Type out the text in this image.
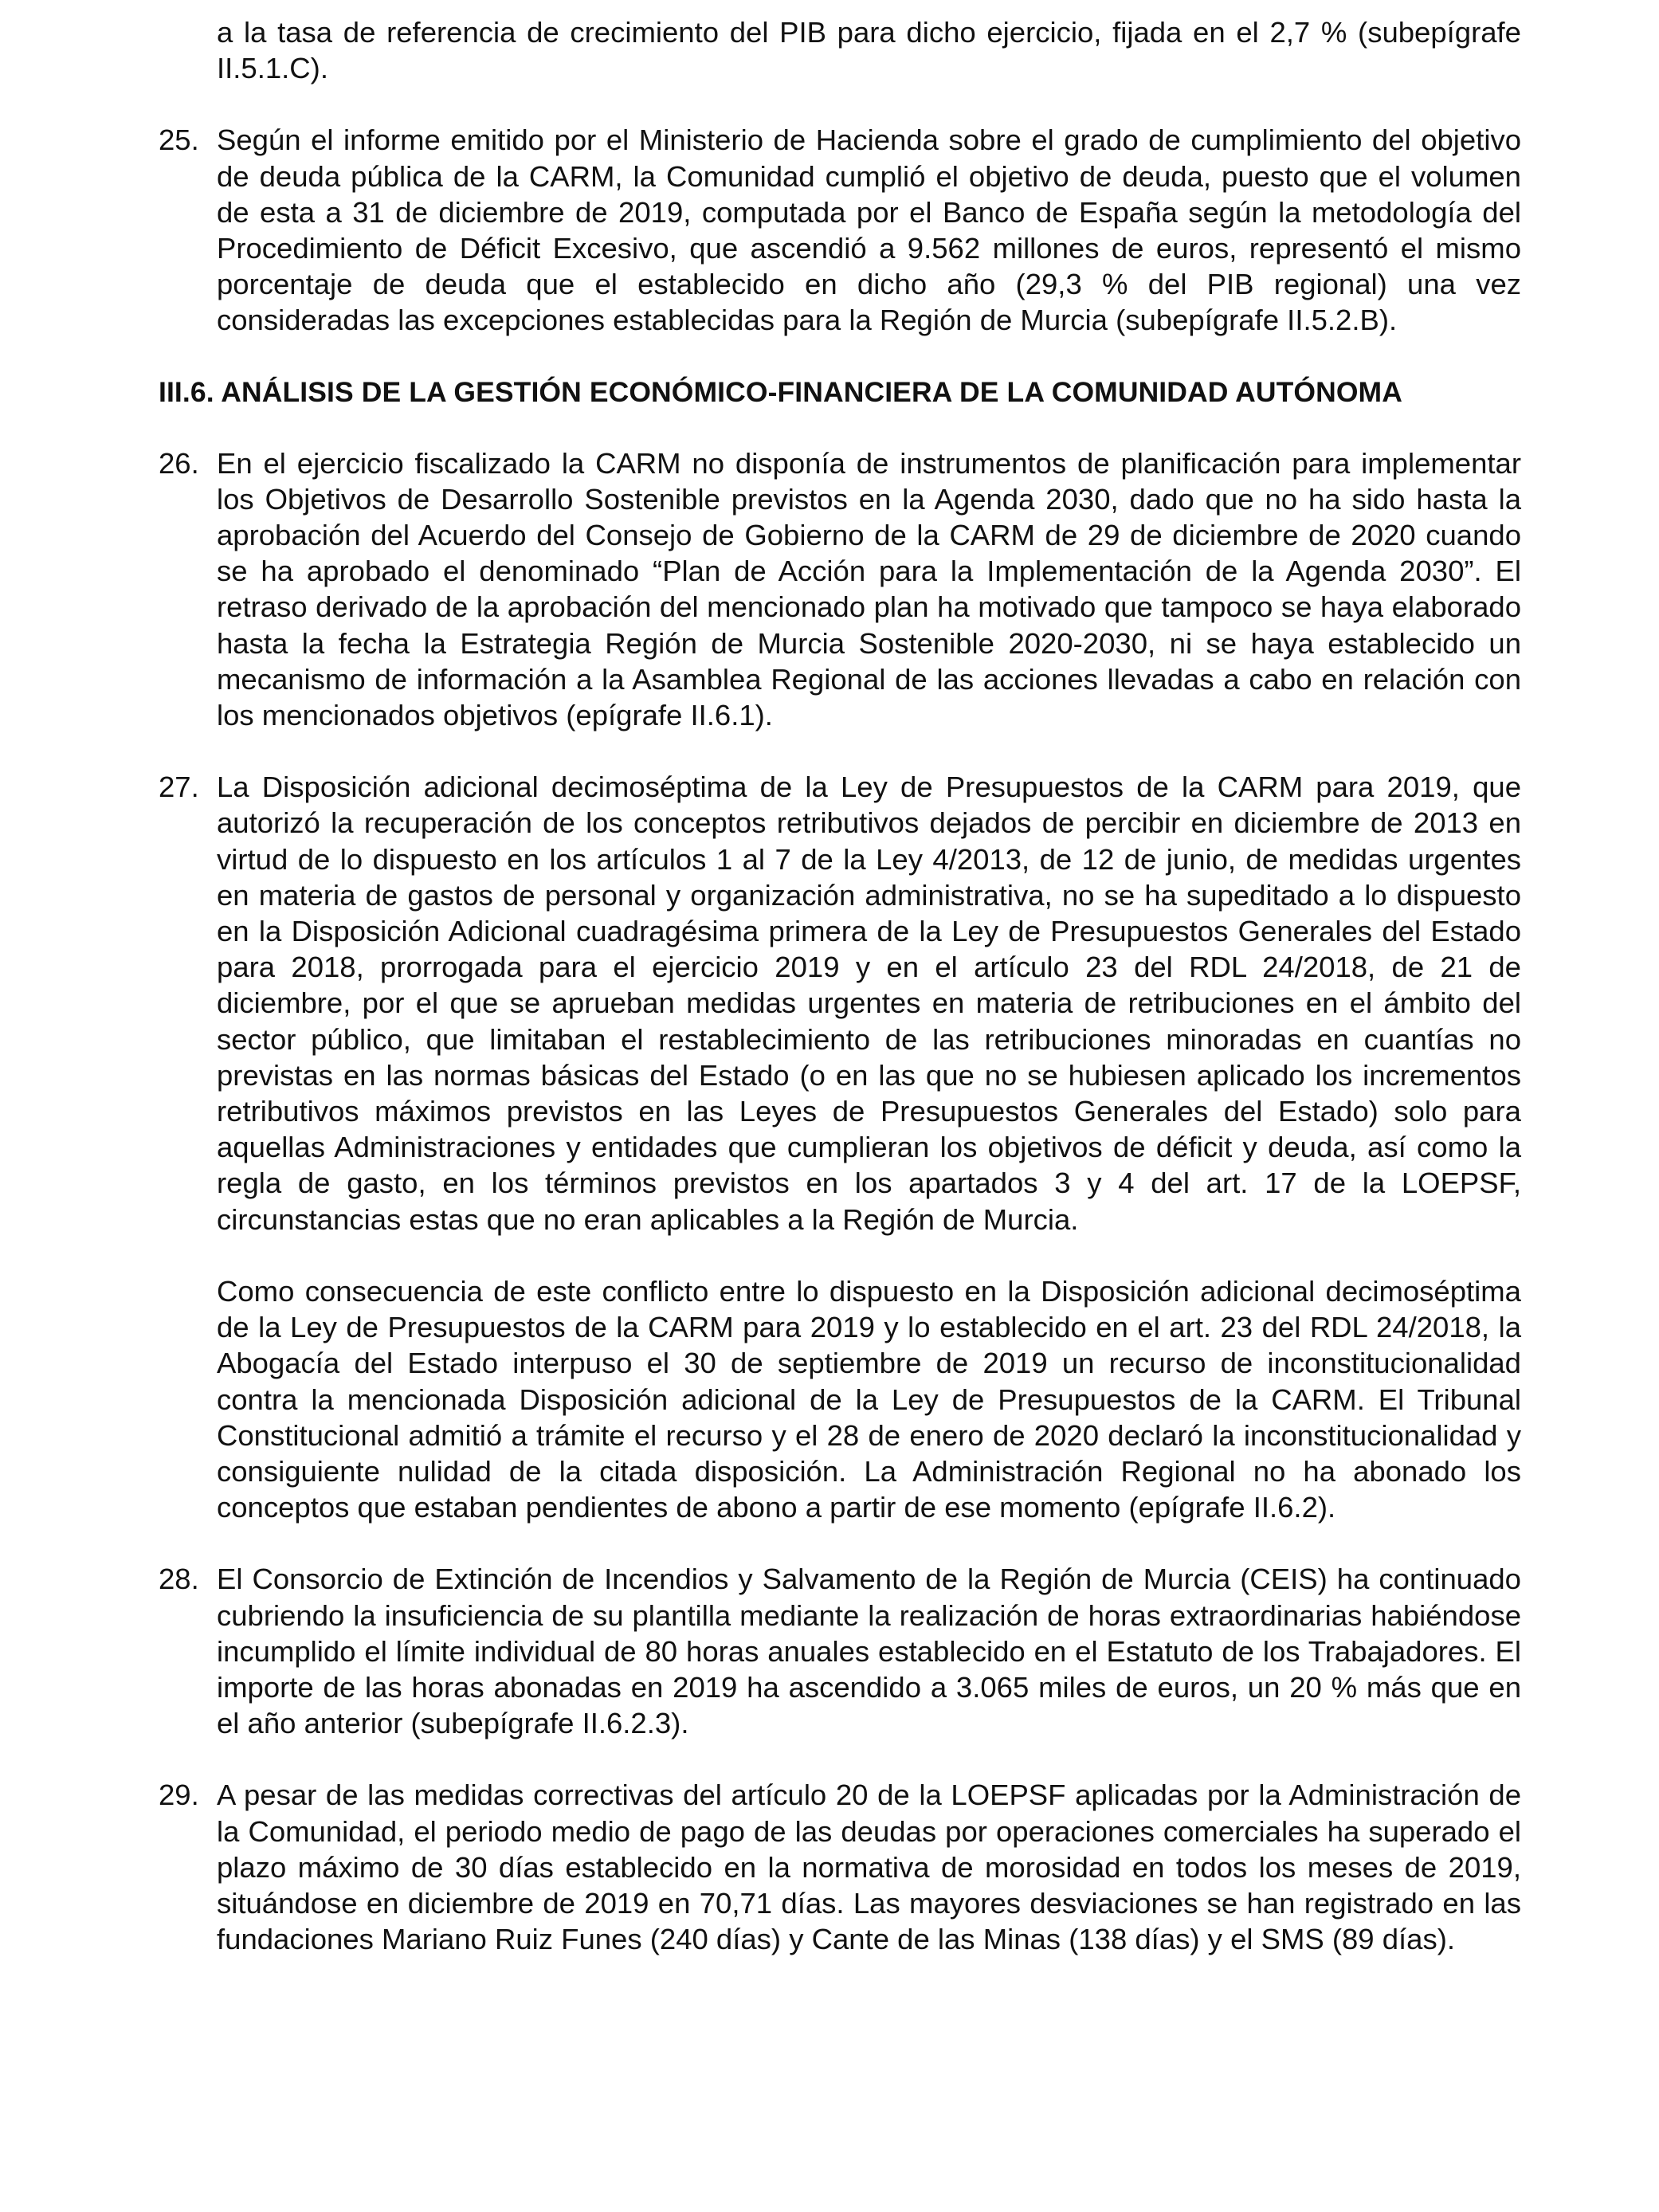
a la tasa de referencia de crecimiento del PIB para dicho ejercicio, fijada en el 2,7 % (subepígrafe II.5.1.C).

25. Según el informe emitido por el Ministerio de Hacienda sobre el grado de cumplimiento del objetivo de deuda pública de la CARM, la Comunidad cumplió el objetivo de deuda, puesto que el volumen de esta a 31 de diciembre de 2019, computada por el Banco de España según la metodología del Procedimiento de Déficit Excesivo, que ascendió a 9.562 millones de euros, representó el mismo porcentaje de deuda que el establecido en dicho año (29,3 % del PIB regional) una vez consideradas las excepciones establecidas para la Región de Murcia (subepígrafe II.5.2.B).
III.6. ANÁLISIS DE LA GESTIÓN ECONÓMICO-FINANCIERA DE LA COMUNIDAD AUTÓNOMA
26. En el ejercicio fiscalizado la CARM no disponía de instrumentos de planificación para implementar los Objetivos de Desarrollo Sostenible previstos en la Agenda 2030, dado que no ha sido hasta la aprobación del Acuerdo del Consejo de Gobierno de la CARM de 29 de diciembre de 2020 cuando se ha aprobado el denominado “Plan de Acción para la Implementación de la Agenda 2030”. El retraso derivado de la aprobación del mencionado plan ha motivado que tampoco se haya elaborado hasta la fecha la Estrategia Región de Murcia Sostenible 2020-2030, ni se haya establecido un mecanismo de información a la Asamblea Regional de las acciones llevadas a cabo en relación con los mencionados objetivos (epígrafe II.6.1).
27. La Disposición adicional decimoséptima de la Ley de Presupuestos de la CARM para 2019, que autorizó la recuperación de los conceptos retributivos dejados de percibir en diciembre de 2013 en virtud de lo dispuesto en los artículos 1 al 7 de la Ley 4/2013, de 12 de junio, de medidas urgentes en materia de gastos de personal y organización administrativa, no se ha supeditado a lo dispuesto en la Disposición Adicional cuadragésima primera de la Ley de Presupuestos Generales del Estado para 2018, prorrogada para el ejercicio 2019 y en el artículo 23 del RDL 24/2018, de 21 de diciembre, por el que se aprueban medidas urgentes en materia de retribuciones en el ámbito del sector público, que limitaban el restablecimiento de las retribuciones minoradas en cuantías no previstas en las normas básicas del Estado (o en las que no se hubiesen aplicado los incrementos retributivos máximos previstos en las Leyes de Presupuestos Generales del Estado) solo para aquellas Administraciones y entidades que cumplieran los objetivos de déficit y deuda, así como la regla de gasto, en los términos previstos en los apartados 3 y 4 del art. 17 de la LOEPSF, circunstancias estas que no eran aplicables a la Región de Murcia.
Como consecuencia de este conflicto entre lo dispuesto en la Disposición adicional decimoséptima de la Ley de Presupuestos de la CARM para 2019 y lo establecido en el art. 23 del RDL 24/2018, la Abogacía del Estado interpuso el 30 de septiembre de 2019 un recurso de inconstitucionalidad contra la mencionada Disposición adicional de la Ley de Presupuestos de la CARM. El Tribunal Constitucional admitió a trámite el recurso y el 28 de enero de 2020 declaró la inconstitucionalidad y consiguiente nulidad de la citada disposición. La Administración Regional no ha abonado los conceptos que estaban pendientes de abono a partir de ese momento (epígrafe II.6.2).
28. El Consorcio de Extinción de Incendios y Salvamento de la Región de Murcia (CEIS) ha continuado cubriendo la insuficiencia de su plantilla mediante la realización de horas extraordinarias habiéndose incumplido el límite individual de 80 horas anuales establecido en el Estatuto de los Trabajadores. El importe de las horas abonadas en 2019 ha ascendido a 3.065 miles de euros, un 20 % más que en el año anterior (subepígrafe II.6.2.3).
29. A pesar de las medidas correctivas del artículo 20 de la LOEPSF aplicadas por la Administración de la Comunidad, el periodo medio de pago de las deudas por operaciones comerciales ha superado el plazo máximo de 30 días establecido en la normativa de morosidad en todos los meses de 2019, situándose en diciembre de 2019 en 70,71 días. Las mayores desviaciones se han registrado en las fundaciones Mariano Ruiz Funes (240 días) y Cante de las Minas (138 días) y el SMS (89 días).
